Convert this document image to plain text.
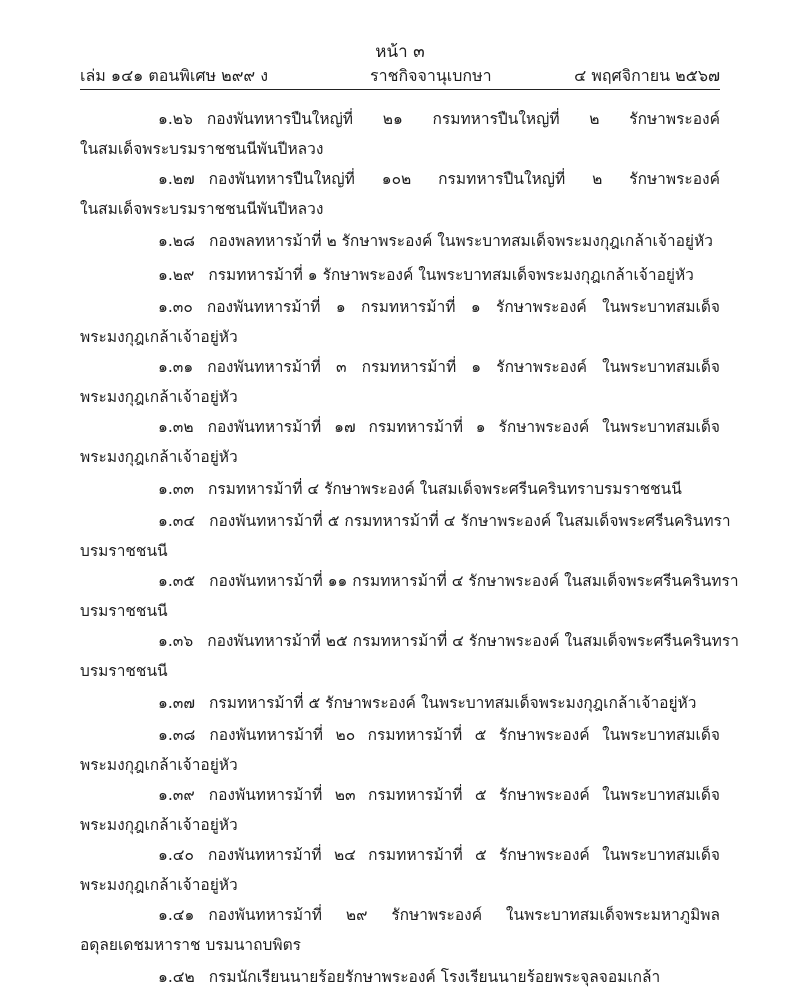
หน้า ๓
เล่ม ๑๔๑ ตอนพิเศษ ๒๙๙ ง	ราชกิจจานุเบกษา	๔ พฤศจิกายน ๒๕๖๗
๑.๒๖ กองพันทหารปืนใหญ่ที่ ๒๑ กรมทหารปืนใหญ่ที่ ๒ รักษาพระองค์
ในสมเด็จพระบรมราชชนนีพันปีหลวง
๑.๒๗ กองพันทหารปืนใหญ่ที่ ๑๐๒ กรมทหารปืนใหญ่ที่ ๒ รักษาพระองค์
ในสมเด็จพระบรมราชชนนีพันปีหลวง
๑.๒๘ กองพลทหารม้าที่ ๒ รักษาพระองค์ ในพระบาทสมเด็จพระมงกุฎเกล้าเจ้าอยู่หัว
๑.๒๙ กรมทหารม้าที่ ๑ รักษาพระองค์ ในพระบาทสมเด็จพระมงกุฎเกล้าเจ้าอยู่หัว
๑.๓๐ กองพันทหารม้าที่ ๑ กรมทหารม้าที่ ๑ รักษาพระองค์ ในพระบาทสมเด็จ
พระมงกุฎเกล้าเจ้าอยู่หัว
๑.๓๑ กองพันทหารม้าที่ ๓ กรมทหารม้าที่ ๑ รักษาพระองค์ ในพระบาทสมเด็จ
พระมงกุฎเกล้าเจ้าอยู่หัว
๑.๓๒ กองพันทหารม้าที่ ๑๗ กรมทหารม้าที่ ๑ รักษาพระองค์ ในพระบาทสมเด็จ
พระมงกุฎเกล้าเจ้าอยู่หัว
๑.๓๓ กรมทหารม้าที่ ๔ รักษาพระองค์ ในสมเด็จพระศรีนครินทราบรมราชชนนี
๑.๓๔ กองพันทหารม้าที่ ๕ กรมทหารม้าที่ ๔ รักษาพระองค์ ในสมเด็จพระศรีนครินทรา
บรมราชชนนี
๑.๓๕ กองพันทหารม้าที่ ๑๑ กรมทหารม้าที่ ๔ รักษาพระองค์ ในสมเด็จพระศรีนครินทรา
บรมราชชนนี
๑.๓๖ กองพันทหารม้าที่ ๒๕ กรมทหารม้าที่ ๔ รักษาพระองค์ ในสมเด็จพระศรีนครินทรา
บรมราชชนนี
๑.๓๗ กรมทหารม้าที่ ๕ รักษาพระองค์ ในพระบาทสมเด็จพระมงกุฎเกล้าเจ้าอยู่หัว
๑.๓๘ กองพันทหารม้าที่ ๒๐ กรมทหารม้าที่ ๕ รักษาพระองค์ ในพระบาทสมเด็จ
พระมงกุฎเกล้าเจ้าอยู่หัว
๑.๓๙ กองพันทหารม้าที่ ๒๓ กรมทหารม้าที่ ๕ รักษาพระองค์ ในพระบาทสมเด็จ
พระมงกุฎเกล้าเจ้าอยู่หัว
๑.๔๐ กองพันทหารม้าที่ ๒๔ กรมทหารม้าที่ ๕ รักษาพระองค์ ในพระบาทสมเด็จ
พระมงกุฎเกล้าเจ้าอยู่หัว
๑.๔๑ กองพันทหารม้าที่ ๒๙ รักษาพระองค์ ในพระบาทสมเด็จพระมหาภูมิพล
อดุลยเดชมหาราช บรมนาถบพิตร
๑.๔๒ กรมนักเรียนนายร้อยรักษาพระองค์ โรงเรียนนายร้อยพระจุลจอมเกล้า
